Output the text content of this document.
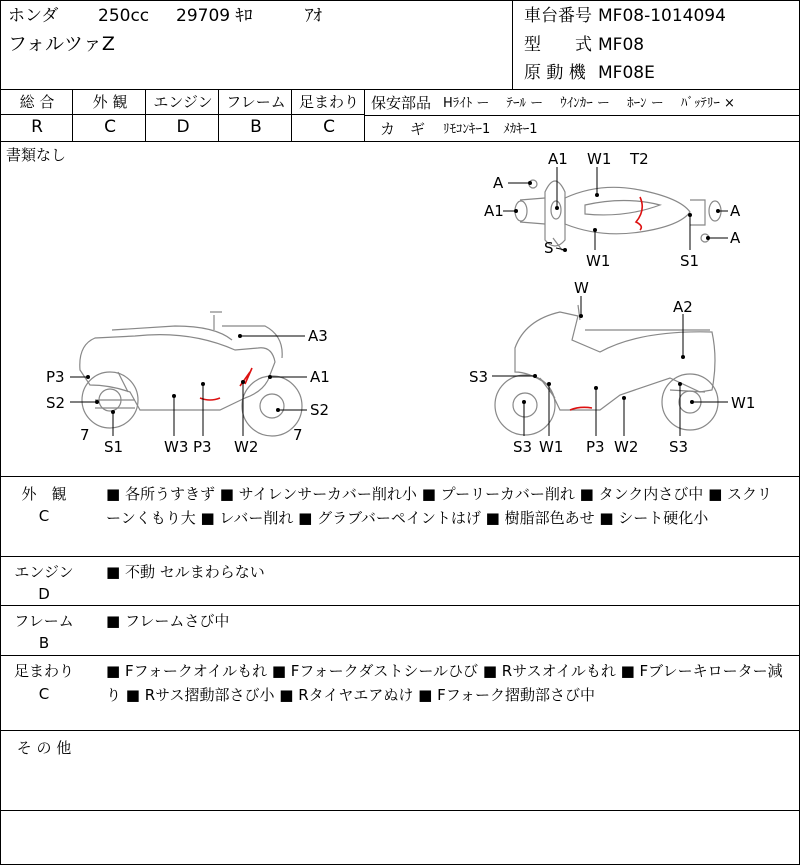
ホンダ 250cc 29709 ｷﾛ	ｱｵ
フォルツァZ
車台番号 MF08-1014094
型　　式 MF08
原 動 機 MF08E
総 合	外 観	エンジン フレーム 足まわり
R	C	D	B	C
保安部品 Hﾗｲﾄ ー　 ﾃｰﾙ ー　 ｳｲﾝｶｰ ー　 ﾎｰﾝ ー　 ﾊﾞｯﾃﾘｰ ×
カ　ギ ﾘﾓｺﾝｷｰ1　ﾒｶｷｰ1
書類なし	A1 W1 T2
A
A1
S
W1	S1
A
A
A3
P3	A1
S2	S2
7
S1	W3 P3 W2
7
W
A2
S3
W1
S3 W1 P3 W2 S3
外　観
C
■ 各所うすきず ■ サイレンサーカバー削れ小 ■ プーリーカバー削れ ■ タンク内さび中 ■ スクリーンくもり大 ■ レバー削れ ■ グラブバーペイントはげ ■ 樹脂部色あせ ■ シート硬化小
エンジン
D
■ 不動 セルまわらない
フレーム
B
■ フレームさび中
足まわり
C
■ Fフォークオイルもれ ■ Fフォークダストシールひび ■ Rサスオイルもれ ■ Fブレーキローター減り ■ Rサス摺動部さび小 ■ Rタイヤエアぬけ ■ Fフォーク摺動部さび中
そ の 他
